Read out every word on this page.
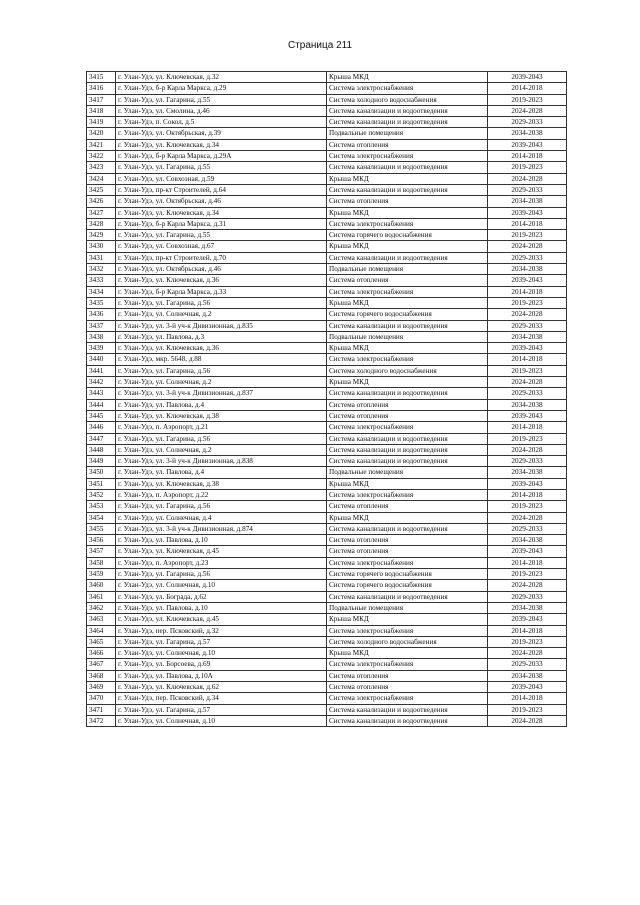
Страница 211
3415	г. Улан-Удэ, ул. Ключевская, д.32	Крыша МКД	2039-2043
3416	г. Улан-Удэ, б-р Карла Маркса, д.29	Система электроснабжения	2014-2018
3417	г. Улан-Удэ, ул. Гагарина, д.55	Система холодного водоснабжения	2019-2023
3418	г. Улан-Удэ, ул. Смолина, д.46	Система канализации и водоотведения	2024-2028
3419	г. Улан-Удэ, п. Сокол, д.5	Система канализации и водоотведения	2029-2033
3420	г. Улан-Удэ, ул. Октябрьская, д.39	Подвальные помещения	2034-2038
3421	г. Улан-Удэ, ул. Ключевская, д.34	Система отопления	2039-2043
3422	г. Улан-Удэ, б-р Карла Маркса, д.29А	Система электроснабжения	2014-2018
3423	г. Улан-Удэ, ул. Гагарина, д.55	Система канализации и водоотведения	2019-2023
3424	г. Улан-Удэ, ул. Совхозная, д.59	Крыша МКД	2024-2028
3425	г. Улан-Удэ, пр-кт Строителей, д.64	Система канализации и водоотведения	2029-2033
3426	г. Улан-Удэ, ул. Октябрьская, д.46	Система отопления	2034-2038
3427	г. Улан-Удэ, ул. Ключевская, д.34	Крыша МКД	2039-2043
3428	г. Улан-Удэ, б-р Карла Маркса, д.31	Система электроснабжения	2014-2018
3429	г. Улан-Удэ, ул. Гагарина, д.55	Система горячего водоснабжения	2019-2023
3430	г. Улан-Удэ, ул. Совхозная, д.67	Крыша МКД	2024-2028
3431	г. Улан-Удэ, пр-кт Строителей, д.70	Система канализации и водоотведения	2029-2033
3432	г. Улан-Удэ, ул. Октябрьская, д.46	Подвальные помещения	2034-2038
3433	г. Улан-Удэ, ул. Ключевская, д.36	Система отопления	2039-2043
3434	г. Улан-Удэ, б-р Карла Маркса, д.33	Система электроснабжения	2014-2018
3435	г. Улан-Удэ, ул. Гагарина, д.56	Крыша МКД	2019-2023
3436	г. Улан-Удэ, ул. Солнечная, д.2	Система горячего водоснабжения	2024-2028
3437	г. Улан-Удэ, ул. 3-й уч-к Дивизионная, д.835	Система канализации и водоотведения	2029-2033
3438	г. Улан-Удэ, ул. Павлова, д.3	Подвальные помещения	2034-2038
3439	г. Улан-Удэ, ул. Ключевская, д.36	Крыша МКД	2039-2043
3440	г. Улан-Удэ, мкр. 5648, д.88	Система электроснабжения	2014-2018
3441	г. Улан-Удэ, ул. Гагарина, д.56	Система холодного водоснабжения	2019-2023
3442	г. Улан-Удэ, ул. Солнечная, д.2	Крыша МКД	2024-2028
3443	г. Улан-Удэ, ул. 3-й уч-к Дивизионная, д.837	Система канализации и водоотведения	2029-2033
3444	г. Улан-Удэ, ул. Павлова, д.4	Система отопления	2034-2038
3445	г. Улан-Удэ, ул. Ключевская, д.38	Система отопления	2039-2043
3446	г. Улан-Удэ, п. Аэропорт, д.21	Система электроснабжения	2014-2018
3447	г. Улан-Удэ, ул. Гагарина, д.56	Система канализации и водоотведения	2019-2023
3448	г. Улан-Удэ, ул. Солнечная, д.2	Система канализации и водоотведения	2024-2028
3449	г. Улан-Удэ, ул. 3-й уч-к Дивизионная, д.838	Система канализации и водоотведения	2029-2033
3450	г. Улан-Удэ, ул. Павлова, д.4	Подвальные помещения	2034-2038
3451	г. Улан-Удэ, ул. Ключевская, д.38	Крыша МКД	2039-2043
3452	г. Улан-Удэ, п. Аэропорт, д.22	Система электроснабжения	2014-2018
3453	г. Улан-Удэ, ул. Гагарина, д.56	Система отопления	2019-2023
3454	г. Улан-Удэ, ул. Солнечная, д.4	Крыша МКД	2024-2028
3455	г. Улан-Удэ, ул. 3-й уч-к Дивизионная, д.874	Система канализации и водоотведения	2029-2033
3456	г. Улан-Удэ, ул. Павлова, д.10	Система отопления	2034-2038
3457	г. Улан-Удэ, ул. Ключевская, д.45	Система отопления	2039-2043
3458	г. Улан-Удэ, п. Аэропорт, д.23	Система электроснабжения	2014-2018
3459	г. Улан-Удэ, ул. Гагарина, д.56	Система горячего водоснабжения	2019-2023
3460	г. Улан-Удэ, ул. Солнечная, д.10	Система горячего водоснабжения	2024-2028
3461	г. Улан-Удэ, ул. Бограда, д.62	Система канализации и водоотведения	2029-2033
3462	г. Улан-Удэ, ул. Павлова, д.10	Подвальные помещения	2034-2038
3463	г. Улан-Удэ, ул. Ключевская, д.45	Крыша МКД	2039-2043
3464	г. Улан-Удэ, пер. Псковский, д.32	Система электроснабжения	2014-2018
3465	г. Улан-Удэ, ул. Гагарина, д.57	Система холодного водоснабжения	2019-2023
3466	г. Улан-Удэ, ул. Солнечная, д.10	Крыша МКД	2024-2028
3467	г. Улан-Удэ, ул. Борсоева, д.69	Система электроснабжения	2029-2033
3468	г. Улан-Удэ, ул. Павлова, д.10А	Система отопления	2034-2038
3469	г. Улан-Удэ, ул. Ключевская, д.62	Система отопления	2039-2043
3470	г. Улан-Удэ, пер. Псковский, д.34	Система электроснабжения	2014-2018
3471	г. Улан-Удэ, ул. Гагарина, д.57	Система канализации и водоотведения	2019-2023
3472	г. Улан-Удэ, ул. Солнечная, д.10	Система канализации и водоотведения	2024-2028
